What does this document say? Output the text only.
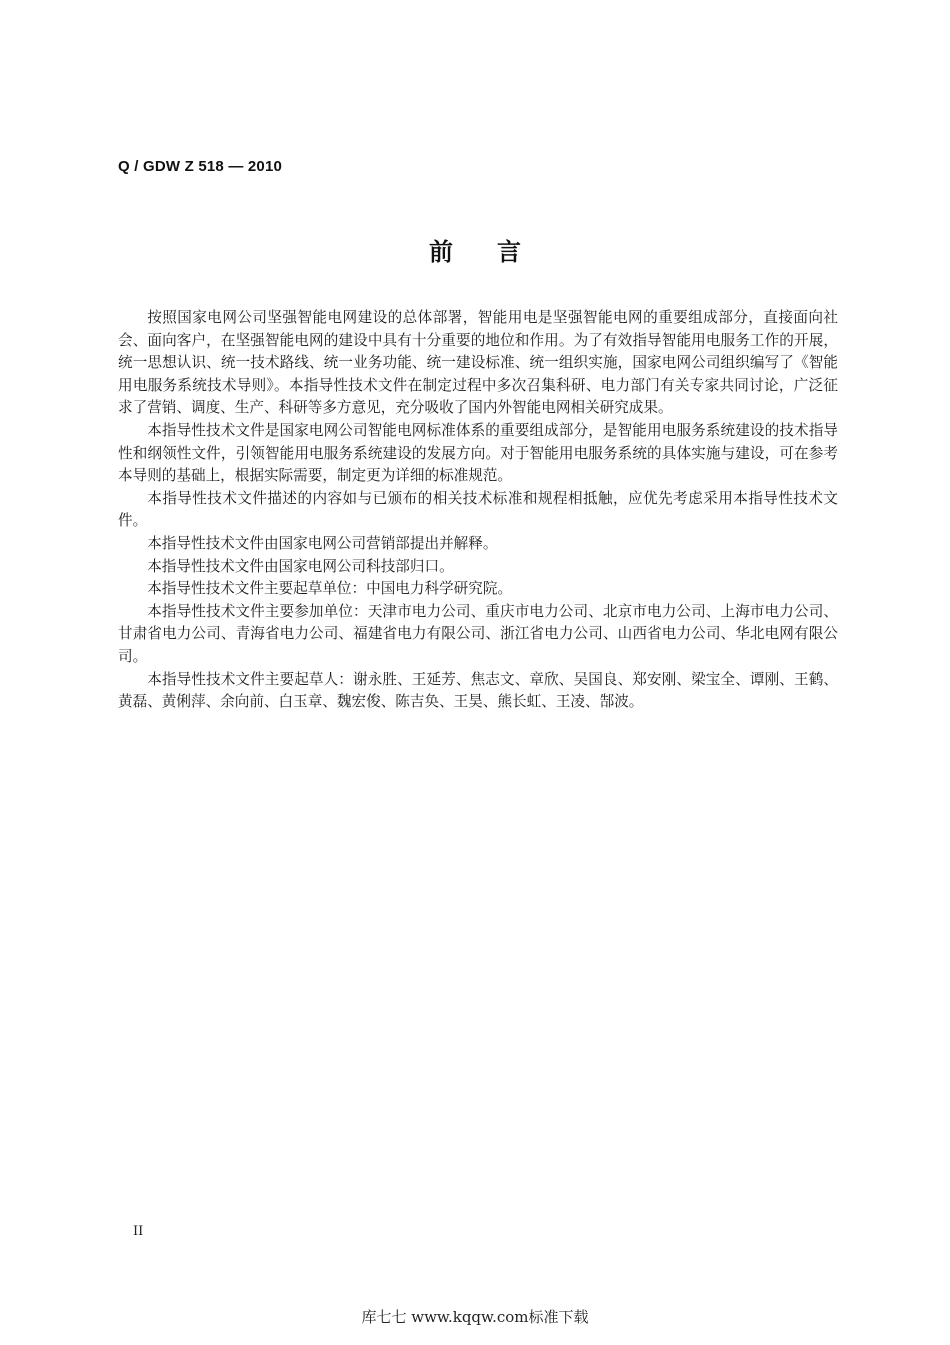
Q / GDW Z 518 — 2010
前言

按照国家电网公司坚强智能电网建设的总体部署，智能用电是坚强智能电网的重要组成部分，直接面向社会、面向客户，在坚强智能电网的建设中具有十分重要的地位和作用。为了有效指导智能用电服务工作的开展，统一思想认识、统一技术路线、统一业务功能、统一建设标准、统一组织实施，国家电网公司组织编写了《智能用电服务系统技术导则》。本指导性技术文件在制定过程中多次召集科研、电力部门有关专家共同讨论，广泛征求了营销、调度、生产、科研等多方意见，充分吸收了国内外智能电网相关研究成果。

本指导性技术文件是国家电网公司智能电网标准体系的重要组成部分，是智能用电服务系统建设的技术指导性和纲领性文件，引领智能用电服务系统建设的发展方向。对于智能用电服务系统的具体实施与建设，可在参考本导则的基础上，根据实际需要，制定更为详细的标准规范。

本指导性技术文件描述的内容如与已颁布的相关技术标准和规程相抵触，应优先考虑采用本指导性技术文件。

本指导性技术文件由国家电网公司营销部提出并解释。

本指导性技术文件由国家电网公司科技部归口。

本指导性技术文件主要起草单位：中国电力科学研究院。

本指导性技术文件主要参加单位：天津市电力公司、重庆市电力公司、北京市电力公司、上海市电力公司、甘肃省电力公司、青海省电力公司、福建省电力有限公司、浙江省电力公司、山西省电力公司、华北电网有限公司。

本指导性技术文件主要起草人：谢永胜、王延芳、焦志文、章欣、吴国良、郑安刚、梁宝全、谭刚、王鹤、黄磊、黄俐萍、余向前、白玉章、魏宏俊、陈吉奂、王昊、熊长虹、王凌、郜波。

II
库七七 www.kqqw.com标准下载
